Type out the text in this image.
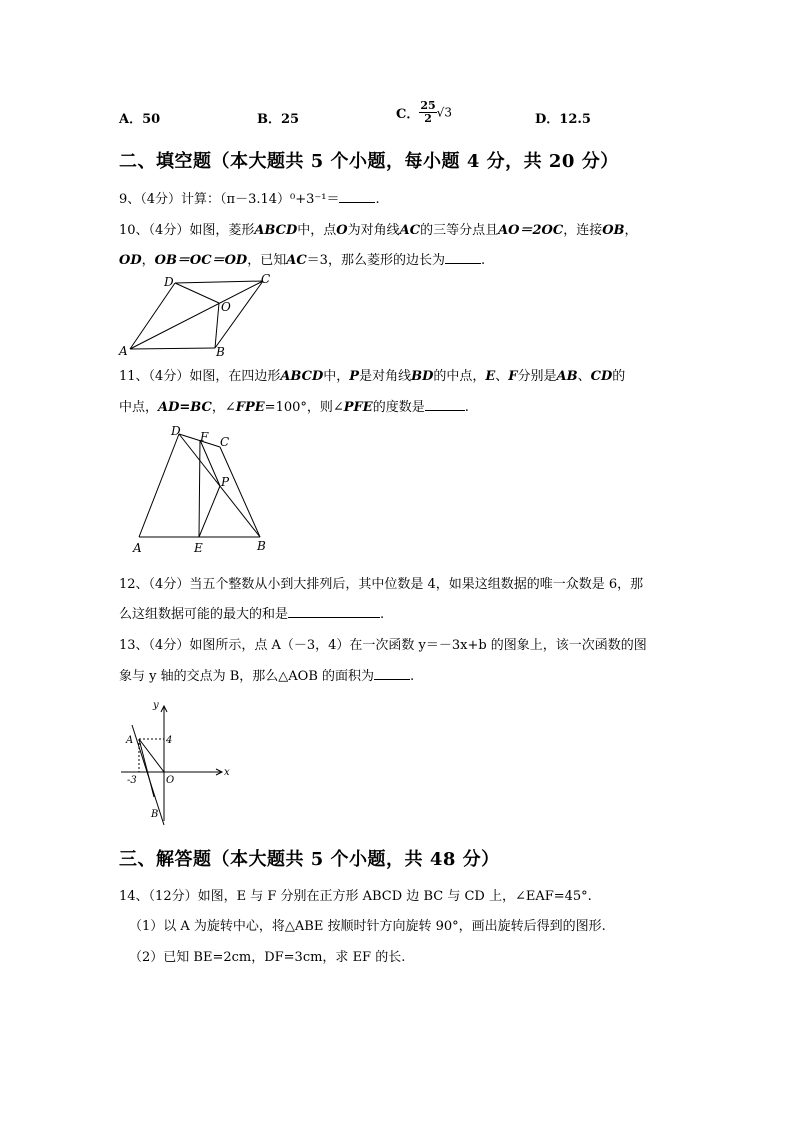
A．50	B．25	C． $\frac{25}{2} √3$	D．12.5
二、填空题（本大题共 5 个小题，每小题 4 分，共 20 分）
9、（4分）计算：（π－3.14）⁰+3⁻¹＝	.
10、（4分）如图，菱形ABCD中，点O为对角线AC的三等分点且AO＝2OC，连接OB，
OD，OB＝OC＝OD，已知AC＝3，那么菱形的边长为	.
D	C
O
A	B
11、（4分）如图，在四边形ABCD中，P是对角线BD的中点，E、F分别是AB、CD的
中点，AD=BC，∠FPE=100°，则∠PFE的度数是	.
D F C
P
A	E	B
12、（4分）当五个整数从小到大排列后，其中位数是 4，如果这组数据的唯一众数是 6，那
么这组数据可能的最大的和是	.
13、（4分）如图所示，点 A（－3，4）在一次函数 y＝－3x+b 的图象上，该一次函数的图
象与 y 轴的交点为 B，那么△AOB 的面积为	.
y
x
A	4
-3	O
B
三、解答题（本大题共 5 个小题，共 48 分）
14、（12分）如图，E 与 F 分别在正方形 ABCD 边 BC 与 CD 上，∠EAF=45°.
（1）以 A 为旋转中心，将△ABE 按顺时针方向旋转 90°，画出旋转后得到的图形.
（2）已知 BE=2cm，DF=3cm，求 EF 的长.
